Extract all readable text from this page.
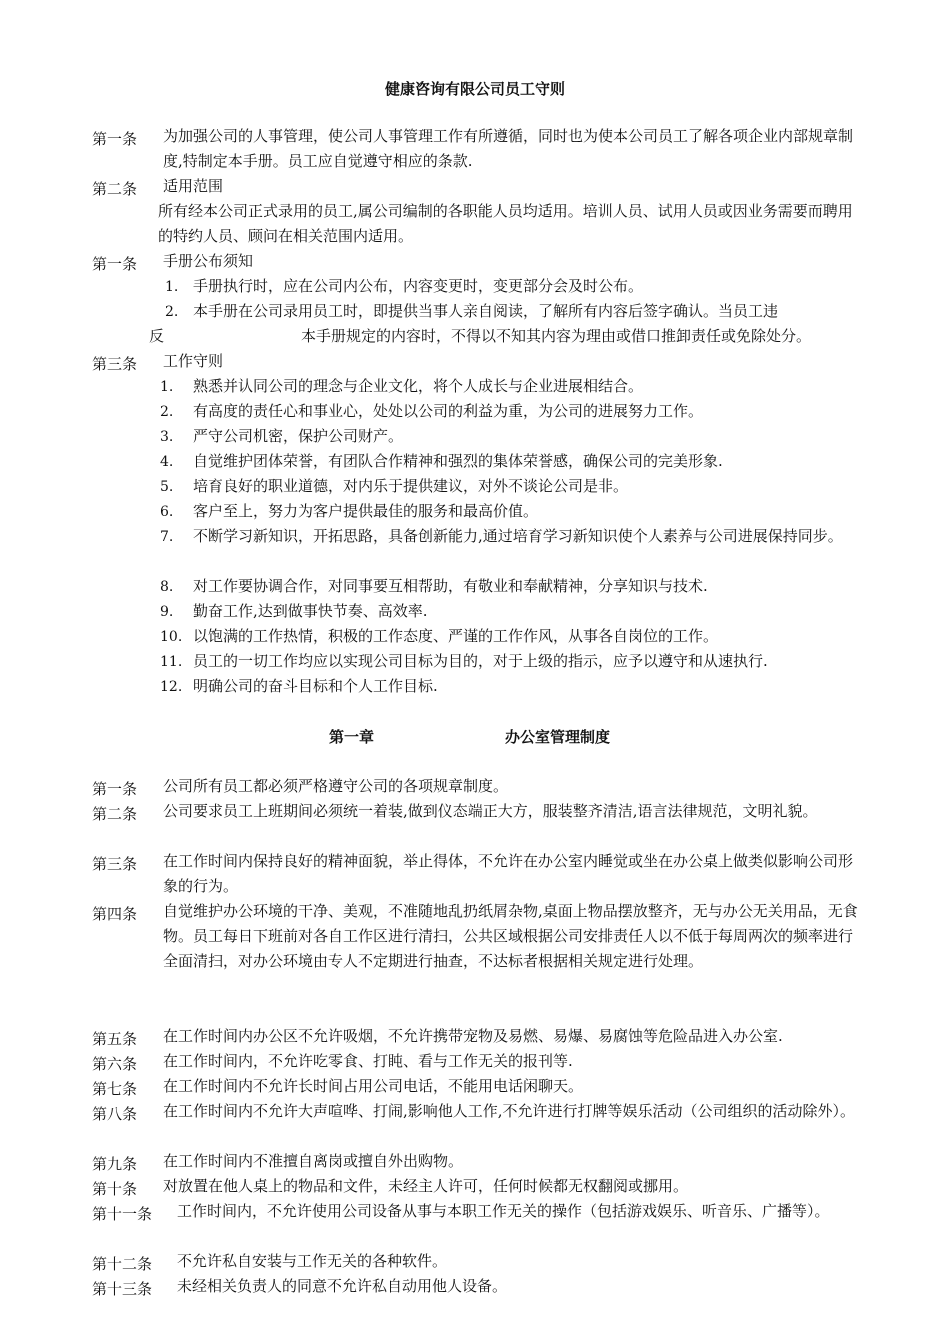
健康咨询有限公司员工守则
第一条 为加强公司的人事管理，使公司人事管理工作有所遵循，同时也为使本公司员工了解各项企业内部规章制度,特制定本手册。员工应自觉遵守相应的条款.
第二条 适用范围
所有经本公司正式录用的员工,属公司编制的各职能人员均适用。培训人员、试用人员或因业务需要而聘用的特约人员、顾问在相关范围内适用。
第一条 手册公布须知
1. 手册执行时，应在公司内公布，内容变更时，变更部分会及时公布。
2. 本手册在公司录用员工时，即提供当事人亲自阅读，了解所有内容后签字确认。当员工违
反	本手册规定的内容时，不得以不知其内容为理由或借口推卸责任或免除处分。
第三条 工作守则
1. 熟悉并认同公司的理念与企业文化，将个人成长与企业进展相结合。
2. 有高度的责任心和事业心，处处以公司的利益为重，为公司的进展努力工作。
3. 严守公司机密，保护公司财产。
4. 自觉维护团体荣誉，有团队合作精神和强烈的集体荣誉感，确保公司的完美形象.
5. 培育良好的职业道德，对内乐于提供建议，对外不谈论公司是非。
6. 客户至上，努力为客户提供最佳的服务和最高价值。
7. 不断学习新知识，开拓思路，具备创新能力,通过培育学习新知识使个人素养与公司进展保持同步。
8. 对工作要协调合作，对同事要互相帮助，有敬业和奉献精神，分享知识与技术.
9. 勤奋工作,达到做事快节奏、高效率.
10. 以饱满的工作热情，积极的工作态度、严谨的工作作风，从事各自岗位的工作。
11. 员工的一切工作均应以实现公司目标为目的，对于上级的指示，应予以遵守和从速执行.
12. 明确公司的奋斗目标和个人工作目标.
第一章	办公室管理制度
第一条 公司所有员工都必须严格遵守公司的各项规章制度。
第二条 公司要求员工上班期间必须统一着装,做到仪态端正大方，服装整齐清洁,语言法律规范，文明礼貌。
第三条 在工作时间内保持良好的精神面貌，举止得体，不允许在办公室内睡觉或坐在办公桌上做类似影响公司形象的行为。
第四条 自觉维护办公环境的干净、美观，不准随地乱扔纸屑杂物,桌面上物品摆放整齐，无与办公无关用品，无食物。员工每日下班前对各自工作区进行清扫，公共区域根据公司安排责任人以不低于每周两次的频率进行全面清扫，对办公环境由专人不定期进行抽查，不达标者根据相关规定进行处理。
第五条 在工作时间内办公区不允许吸烟，不允许携带宠物及易燃、易爆、易腐蚀等危险品进入办公室.
第六条 在工作时间内，不允许吃零食、打盹、看与工作无关的报刊等.
第七条 在工作时间内不允许长时间占用公司电话，不能用电话闲聊天。
第八条 在工作时间内不允许大声喧哗、打闹,影响他人工作,不允许进行打牌等娱乐活动（公司组织的活动除外）。
第九条 在工作时间内不准擅自离岗或擅自外出购物。
第十条 对放置在他人桌上的物品和文件，未经主人许可，任何时候都无权翻阅或挪用。
第十一条 工作时间内，不允许使用公司设备从事与本职工作无关的操作（包括游戏娱乐、听音乐、广播等）。
第十二条 不允许私自安装与工作无关的各种软件。
第十三条 未经相关负责人的同意不允许私自动用他人设备。
